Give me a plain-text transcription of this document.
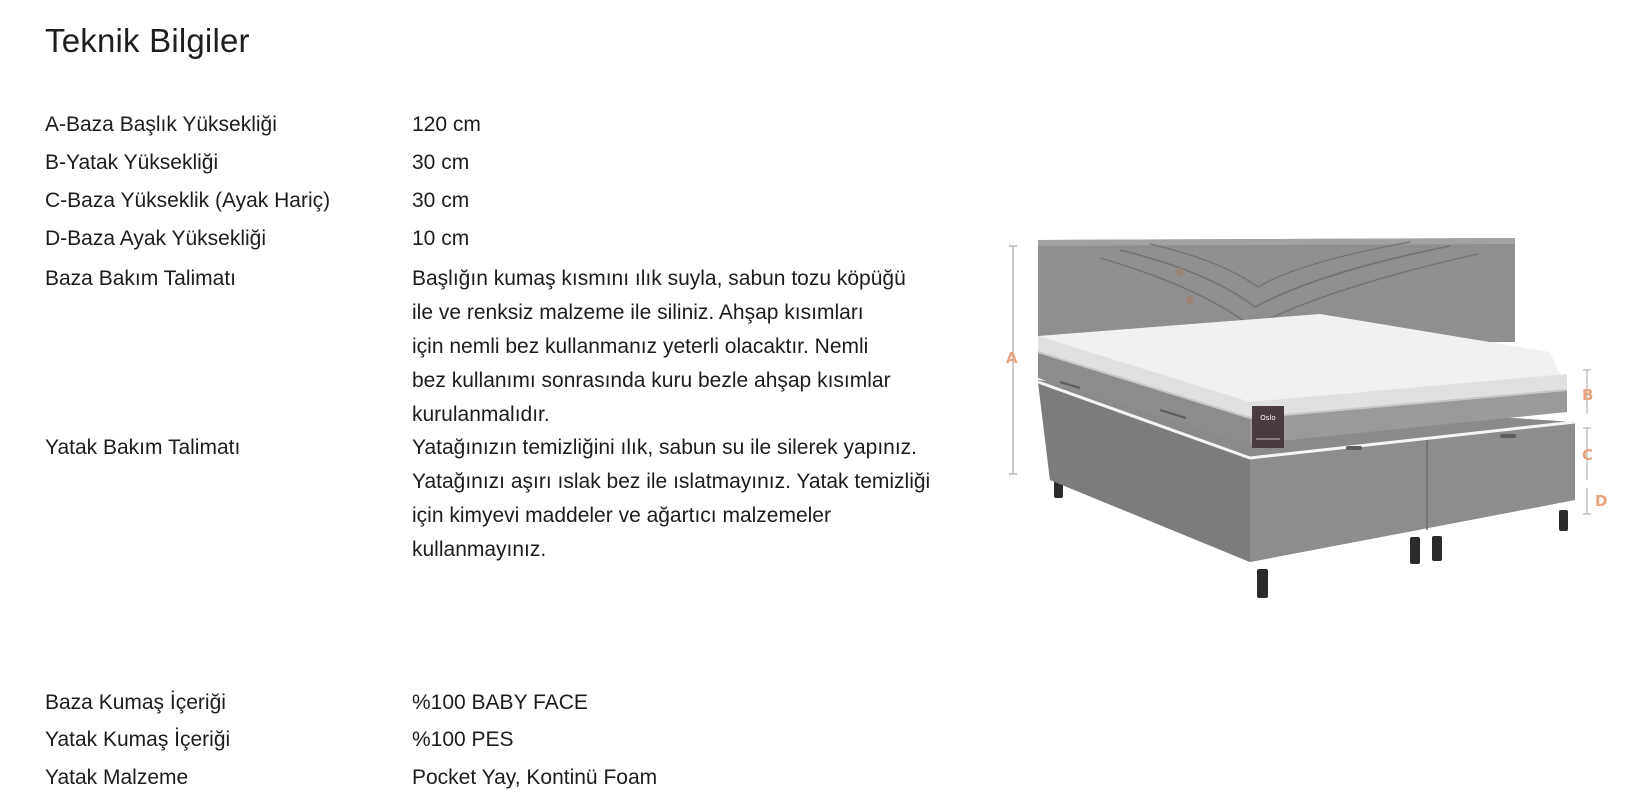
Teknik Bilgiler
A-Baza Başlık Yüksekliği	120 cm
B-Yatak Yüksekliği	30 cm
C-Baza Yükseklik (Ayak Hariç)	30 cm
D-Baza Ayak Yüksekliği	10 cm
Baza Bakım Talimatı	Başlığın kumaş kısmını ılık suyla, sabun tozu köpüğü
ile ve renksiz malzeme ile siliniz. Ahşap kısımları
için nemli bez kullanmanız yeterli olacaktır. Nemli
bez kullanımı sonrasında kuru bezle ahşap kısımlar
kurulanmalıdır.
Yatak Bakım Talimatı	Yatağınızın temizliğini ılık, sabun su ile silerek yapınız.
Yatağınızı aşırı ıslak bez ile ıslatmayınız. Yatak temizliği
için kimyevi maddeler ve ağartıcı malzemeler
kullanmayınız.
Baza Kumaş İçeriği	%100 BABY FACE
Yatak Kumaş İçeriği	%100 PES
Yatak Malzeme	Pocket Yay, Kontinü Foam
A
Oslo
B
C
D
